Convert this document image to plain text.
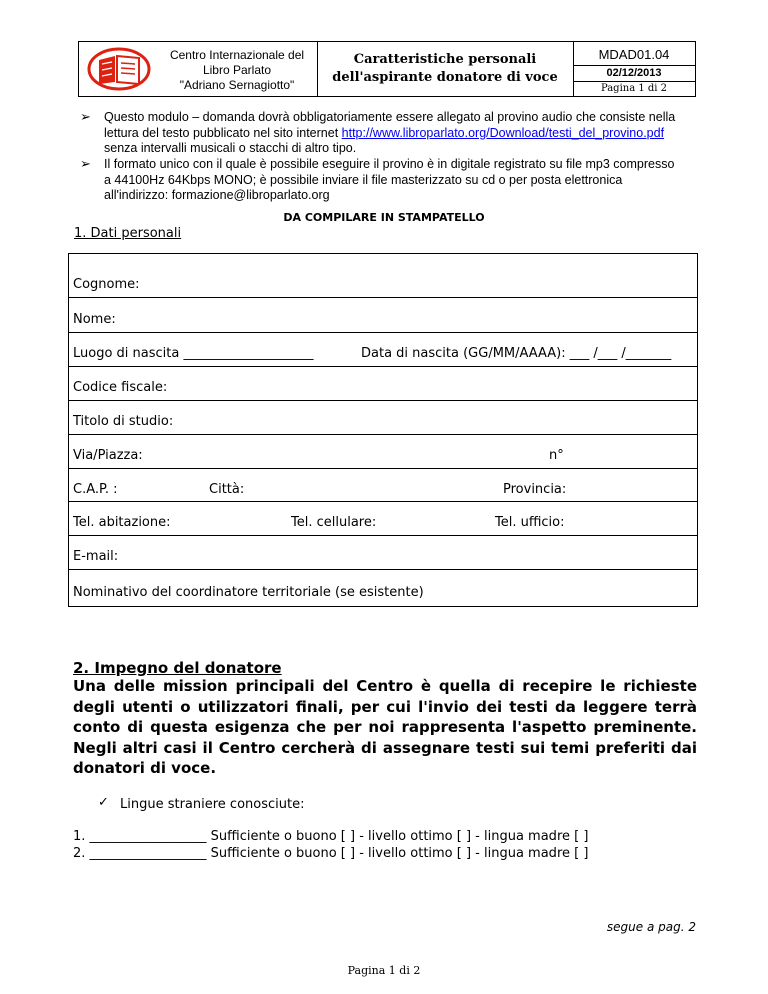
Centro Internazionale del
Libro Parlato
"Adriano Sernagiotto"
Caratteristiche personali
dell'aspirante donatore di voce
MDAD01.04
02/12/2013
Pagina 1 di 2
➢ Questo modulo – domanda dovrà obbligatoriamente essere allegato al provino audio che consiste nella
lettura del testo pubblicato nel sito internet http://www.libroparlato.org/Download/testi_del_provino.pdf
senza intervalli musicali o stacchi di altro tipo.
➢ Il formato unico con il quale è possibile eseguire il provino è in digitale registrato su file mp3 compresso
a 44100Hz 64Kbps MONO; è possibile inviare il file masterizzato su cd o per posta elettronica
all'indirizzo: formazione@libroparlato.org
DA COMPILARE IN STAMPATELLO
1. Dati personali
Cognome:
Nome:
Luogo di nascita ____________________	Data di nascita (GG/MM/AAAA): ___ /___ /_______
Codice fiscale:
Titolo di studio:
Via/Piazza:	n°
C.A.P. :	Città:	Provincia:
Tel. abitazione:	Tel. cellulare:	Tel. ufficio:
E-mail:
Nominativo del coordinatore territoriale (se esistente)
2. Impegno del donatore
Una delle mission principali del Centro è quella di recepire le richieste degli utenti o utilizzatori finali, per cui l'invio dei testi da leggere terrà conto di questa esigenza che per noi rappresenta l'aspetto preminente. Negli altri casi il Centro cercherà di assegnare testi sui temi preferiti dai donatori di voce.
✓ Lingue straniere conosciute:
1. __________________ Sufficiente o buono [ ] - livello ottimo [ ] - lingua madre [ ]
2. __________________ Sufficiente o buono [ ] - livello ottimo [ ] - lingua madre [ ]
segue a pag. 2
Pagina 1 di 2
